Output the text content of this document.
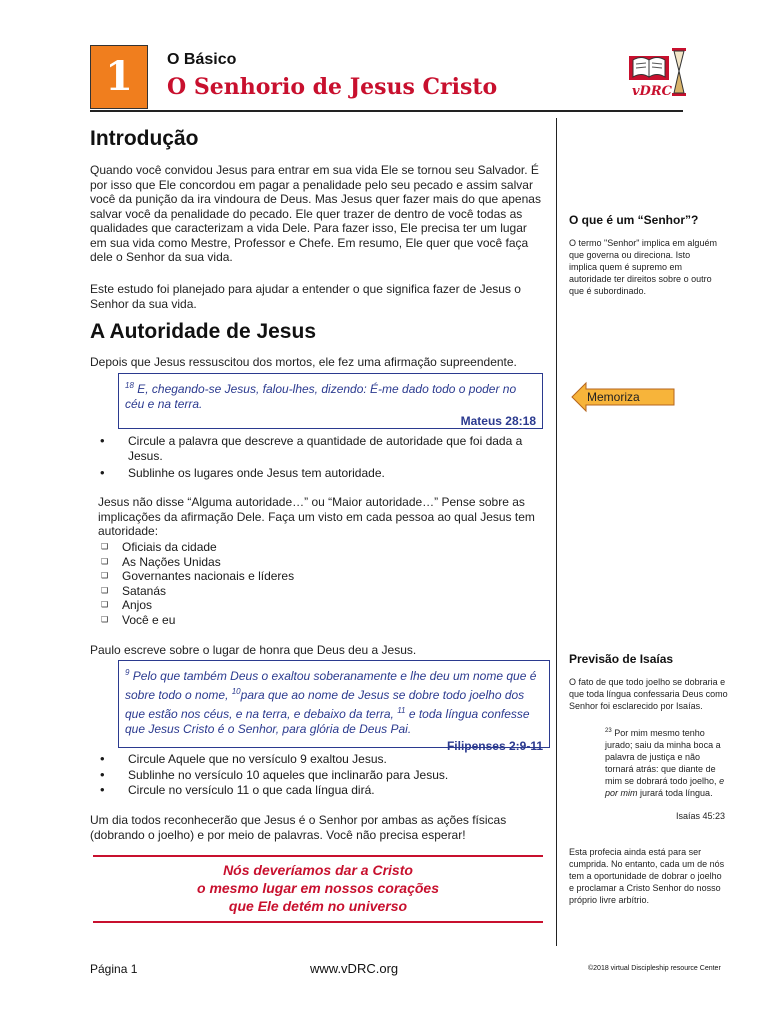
1	O Básico
O Senhorio de Jesus Cristo	vDRC
Introdução
Quando você convidou Jesus para entrar em sua vida Ele se tornou seu Salvador. É por isso que Ele concordou em pagar a penalidade pelo seu pecado e assim salvar você da punição da ira vindoura de Deus. Mas Jesus quer fazer mais do que apenas salvar você da penalidade do pecado. Ele quer trazer de dentro de você todas as qualidades que caracterizam a vida Dele. Para fazer isso, Ele precisa ter um lugar em sua vida como Mestre, Professor e Chefe. Em resumo, Ele quer que você faça dele o Senhor da sua vida.
Este estudo foi planejado para ajudar a entender o que significa fazer de Jesus o Senhor da sua vida.
A Autoridade de Jesus
Depois que Jesus ressuscitou dos mortos, ele fez uma afirmação supreendente.
$^{18}$ E, chegando-se Jesus, falou-lhes, dizendo: É-me dado todo o poder no céu e na terra.
Mateus 28:18
• Circule a palavra que descreve a quantidade de autoridade que foi dada a Jesus.
• Sublinhe os lugares onde Jesus tem autoridade.
Jesus não disse “Alguma autoridade…” ou “Maior autoridade…” Pense sobre as implicações da afirmação Dele. Faça um visto em cada pessoa ao qual Jesus tem autoridade:
❑ Oficiais da cidade
❑ As Nações Unidas
❑ Governantes nacionais e líderes
❑ Satanás
❑ Anjos
❑ Você e eu
Paulo escreve sobre o lugar de honra que Deus deu a Jesus.
$^9$ Pelo que também Deus o exaltou soberanamente e lhe deu um nome que é sobre todo o nome, $^{10}$para que ao nome de Jesus se dobre todo joelho dos que estão nos céus, e na terra, e debaixo da terra, $^{11}$ e toda língua confesse que Jesus Cristo é o Senhor, para glória de Deus Pai.
Filipenses 2:9-11
• Circule Aquele que no versículo 9 exaltou Jesus.
• Sublinhe no versículo 10 aqueles que inclinarão para Jesus.
• Circule no versículo 11 o que cada língua dirá.
Um dia todos reconhecerão que Jesus é o Senhor por ambas as ações físicas (dobrando o joelho) e por meio de palavras. Você não precisa esperar!
Nós deveríamos dar a Cristo
o mesmo lugar em nossos corações
que Ele detém no universo
O que é um “Senhor”?
O termo "Senhor" implica em alguém que governa ou direciona. Isto implica quem é supremo em autoridade ter direitos sobre o outro que é subordinado.
Memoriza
Previsão de Isaías
O fato de que todo joelho se dobraria e que toda língua confessaria Deus como Senhor foi esclarecido por Isaías.
$^{23}$ Por mim mesmo tenho jurado; saiu da minha boca a palavra de justiça e não tornará atrás: que diante de mim se dobrará todo joelho, e por mim jurará toda língua.
Isaías 45:23
Esta profecia ainda está para ser cumprida. No entanto, cada um de nós tem a oportunidade de dobrar o joelho e proclamar a Cristo Senhor do nosso próprio livre arbítrio.
Página 1	www.vDRC.org	©2018 virtual Discipleship resource Center
